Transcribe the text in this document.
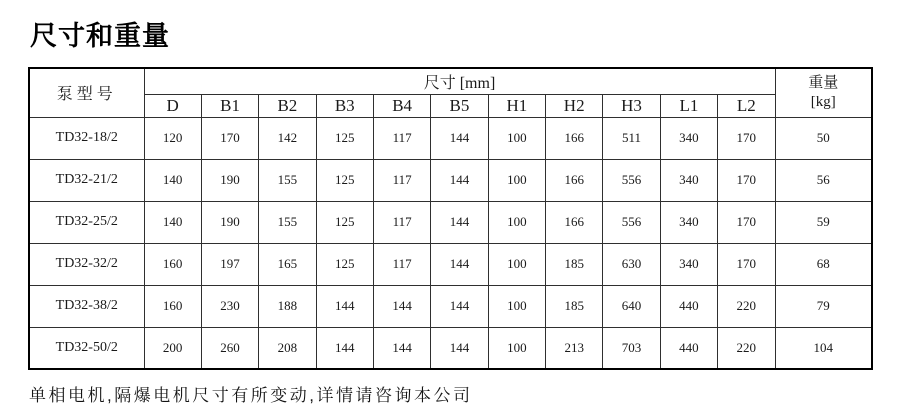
尺寸和重量
泵型号	尺寸 [mm]											重量
[kg]
	D	B1	B2	B3	B4	B5	H1	H2	H3	L1	L2	
TD32-18/2	120	170	142	125	117	144	100	166	511	340	170	50
TD32-21/2	140	190	155	125	117	144	100	166	556	340	170	56
TD32-25/2	140	190	155	125	117	144	100	166	556	340	170	59
TD32-32/2	160	197	165	125	117	144	100	185	630	340	170	68
TD32-38/2	160	230	188	144	144	144	100	185	640	440	220	79
TD32-50/2	200	260	208	144	144	144	100	213	703	440	220	104

单相电机,隔爆电机尺寸有所变动,详情请咨询本公司
